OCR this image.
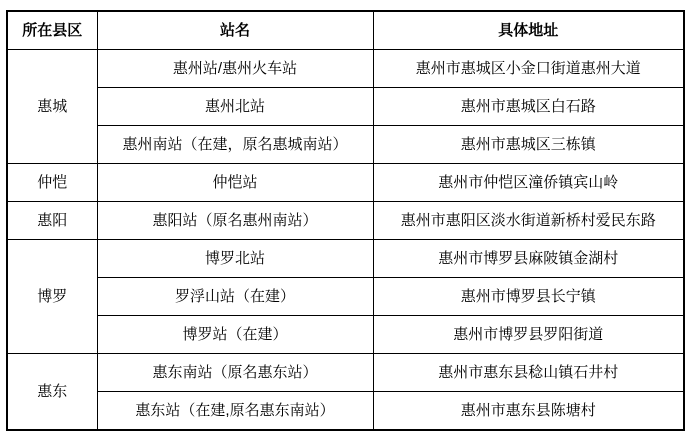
所在县区	站名	具体地址
惠城	惠州站/惠州火车站	惠州市惠城区小金口街道惠州大道
	惠州北站	惠州市惠城区白石路
	惠州南站（在建，原名惠城南站）	惠州市惠城区三栋镇
仲恺	仲恺站	惠州市仲恺区潼侨镇宾山岭
惠阳	惠阳站（原名惠州南站）	惠州市惠阳区淡水街道新桥村爱民东路
博罗	博罗北站	惠州市博罗县麻陂镇金湖村
	罗浮山站（在建）	惠州市博罗县长宁镇
	博罗站（在建）	惠州市博罗县罗阳街道
惠东	惠东南站（原名惠东站）	惠州市惠东县稔山镇石井村
	惠东站（在建,原名惠东南站）	惠州市惠东县陈塘村
